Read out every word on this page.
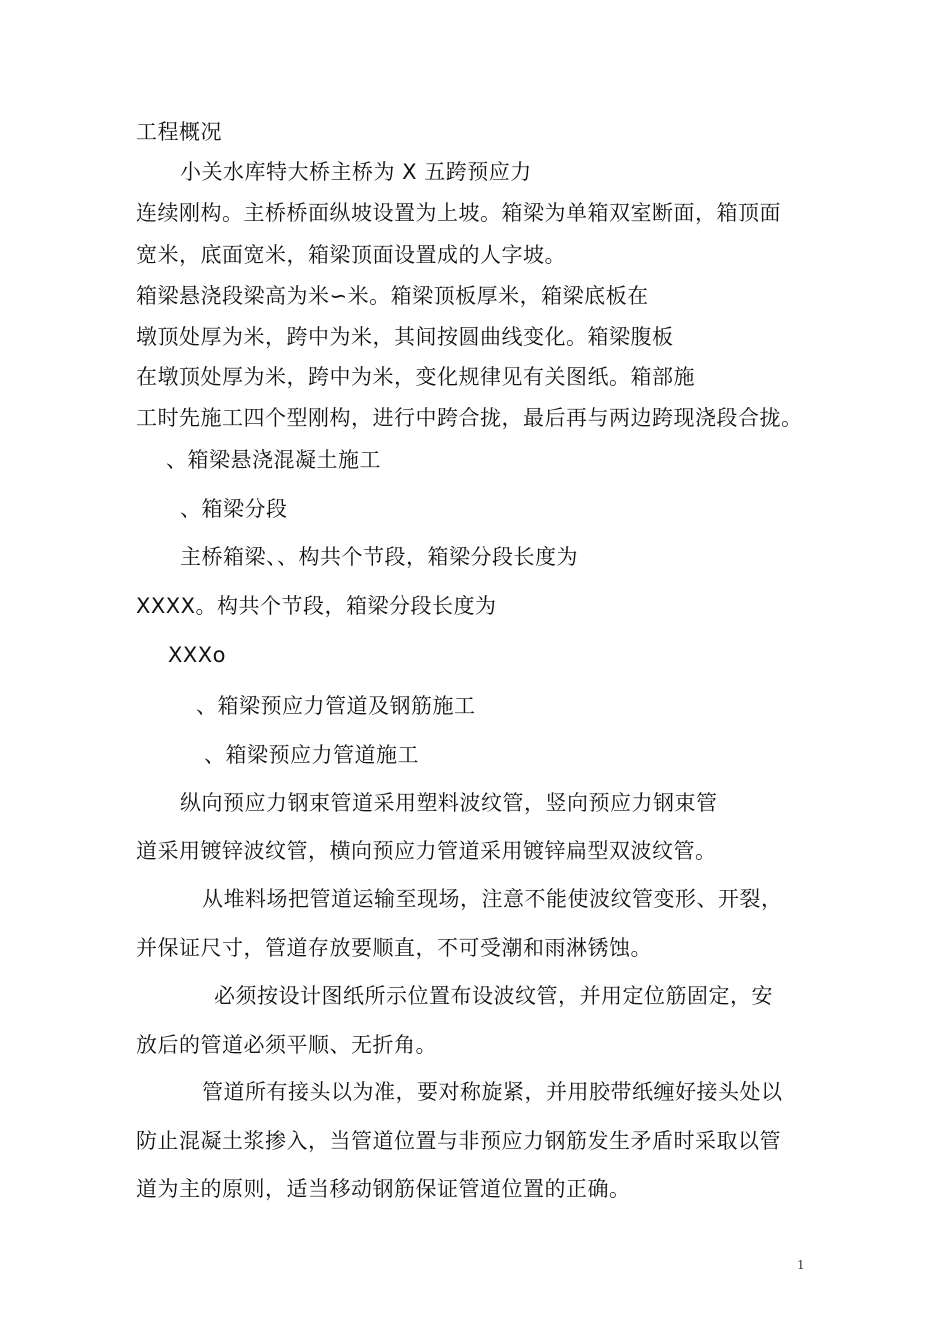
工程概况
小关水库特大桥主桥为 X 五跨预应力
连续刚构。主桥桥面纵坡设置为上坡。箱梁为单箱双室断面，箱顶面
宽米，底面宽米，箱梁顶面设置成的人字坡。
箱梁悬浇段梁高为米∽米。箱梁顶板厚米，箱梁底板在
墩顶处厚为米，跨中为米，其间按圆曲线变化。箱梁腹板
在墩顶处厚为米，跨中为米，变化规律见有关图纸。箱部施
工时先施工四个型刚构，进行中跨合拢，最后再与两边跨现浇段合拢。
、箱梁悬浇混凝土施工
、箱梁分段
主桥箱梁、、构共个节段，箱梁分段长度为
XXXX。构共个节段，箱梁分段长度为
XXXo
、箱梁预应力管道及钢筋施工
、箱梁预应力管道施工
纵向预应力钢束管道采用塑料波纹管，竖向预应力钢束管
道采用镀锌波纹管，横向预应力管道采用镀锌扁型双波纹管。
从堆料场把管道运输至现场，注意不能使波纹管变形、开裂，
并保证尺寸，管道存放要顺直，不可受潮和雨淋锈蚀。
必须按设计图纸所示位置布设波纹管，并用定位筋固定，安
放后的管道必须平顺、无折角。
管道所有接头以为准，要对称旋紧，并用胶带纸缠好接头处以
防止混凝土浆掺入，当管道位置与非预应力钢筋发生矛盾时采取以管
道为主的原则，适当移动钢筋保证管道位置的正确。
1
